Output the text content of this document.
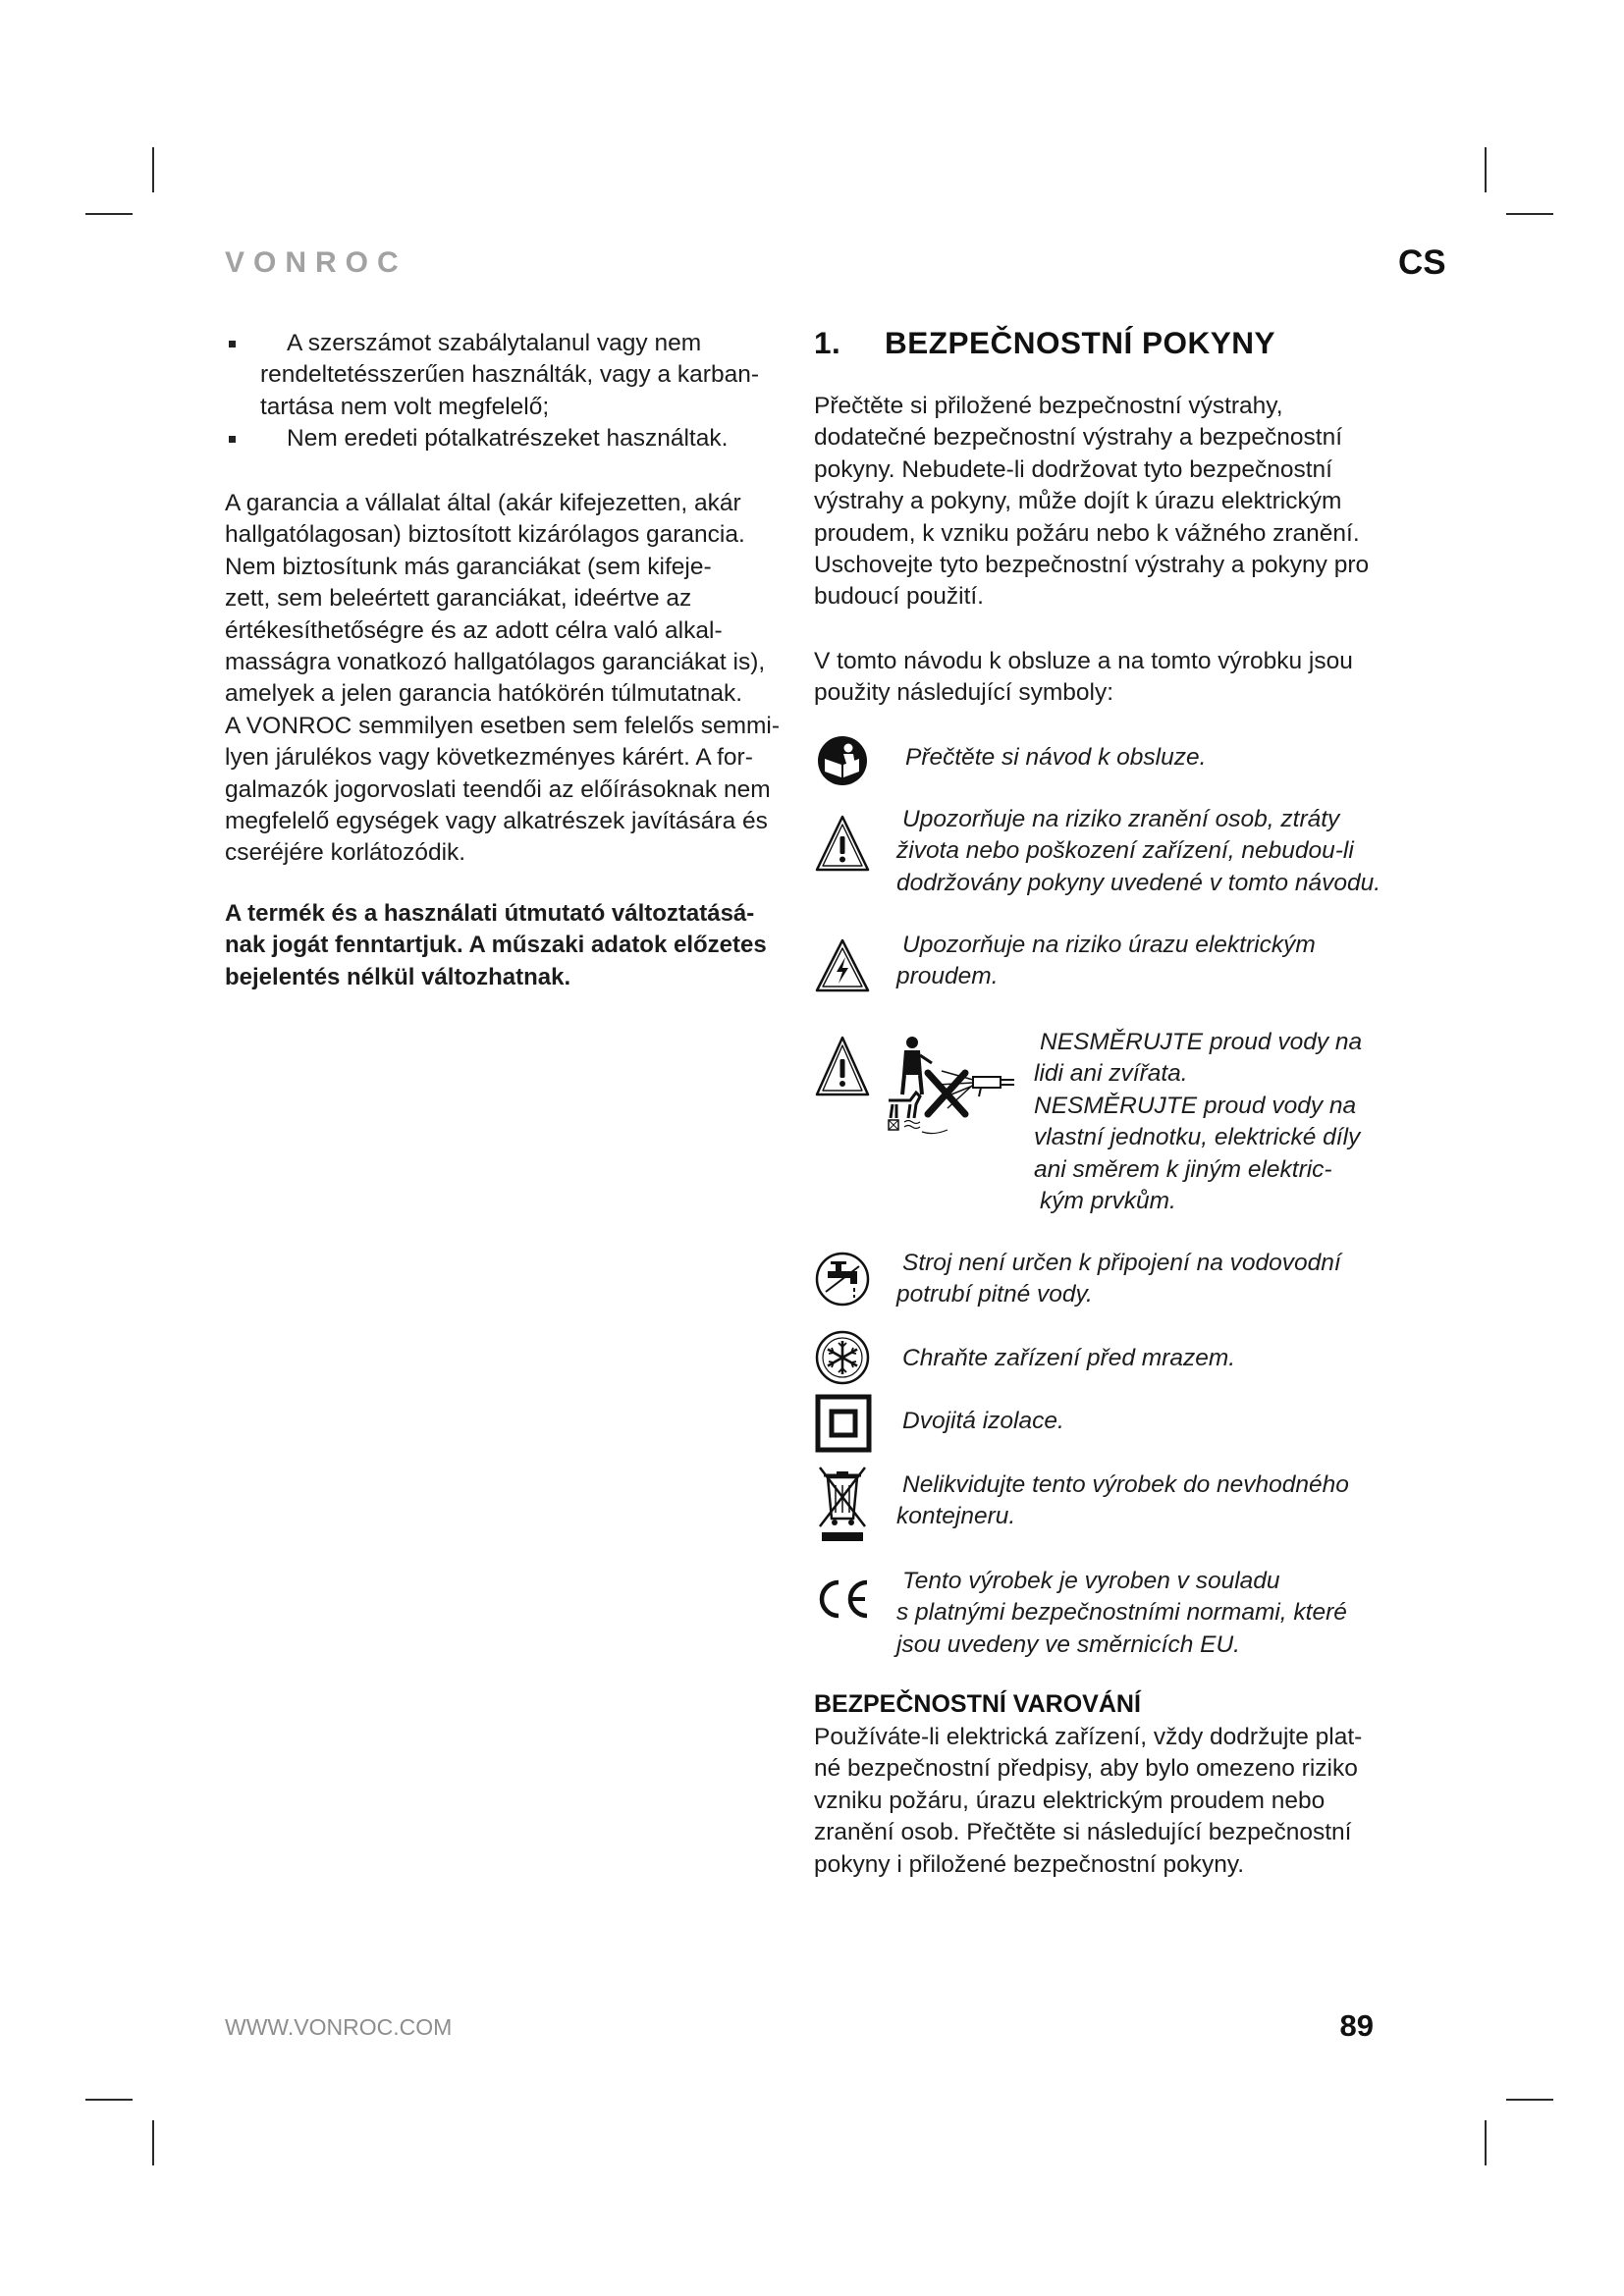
VONROC	CS
A szerszámot szabálytalanul vagy nem
rendeltetésszerűen használták, vagy a karban-
tartása nem volt megfelelő;
Nem eredeti pótalkatrészeket használtak.
A garancia a vállalat által (akár kifejezetten, akár
hallgatólagosan) biztosított kizárólagos garancia.
Nem biztosítunk más garanciákat (sem kifeje-
zett, sem beleértett garanciákat, ideértve az
értékesíthetőségre és az adott célra való alkal-
masságra vonatkozó hallgatólagos garanciákat is),
amelyek a jelen garancia hatókörén túlmutatnak.
A VONROC semmilyen esetben sem felelős semmi-
lyen járulékos vagy következményes kárért. A for-
galmazók jogorvoslati teendői az előírásoknak nem
megfelelő egységek vagy alkatrészek javítására és
cseréjére korlátozódik.
A termék és a használati útmutató változtatásá-
nak jogát fenntartjuk. A műszaki adatok előzetes
bejelentés nélkül változhatnak.
1. BEZPEČNOSTNÍ POKYNY
Přečtěte si přiložené bezpečnostní výstrahy,
dodatečné bezpečnostní výstrahy a bezpečnostní
pokyny. Nebudete-li dodržovat tyto bezpečnostní
výstrahy a pokyny, může dojít k úrazu elektrickým
proudem, k vzniku požáru nebo k vážného zranění.
Uschovejte tyto bezpečnostní výstrahy a pokyny pro
budoucí použití.
V tomto návodu k obsluze a na tomto výrobku jsou
použity následující symboly:
Přečtěte si návod k obsluze.
Upozorňuje na riziko zranění osob, ztráty
života nebo poškození zařízení, nebudou-li
dodržovány pokyny uvedené v tomto návodu.
Upozorňuje na riziko úrazu elektrickým
proudem.
NESMĚRUJTE proud vody na
lidi ani zvířata.
NESMĚRUJTE proud vody na
vlastní jednotku, elektrické díly
ani směrem k jiným elektric-
kým prvkům.
Stroj není určen k připojení na vodovodní
potrubí pitné vody.
Chraňte zařízení před mrazem.
Dvojitá izolace.
Nelikvidujte tento výrobek do nevhodného
kontejneru.
Tento výrobek je vyroben v souladu
s platnými bezpečnostními normami, které
jsou uvedeny ve směrnicích EU.
BEZPEČNOSTNÍ VAROVÁNÍ
Používáte-li elektrická zařízení, vždy dodržujte plat-
né bezpečnostní předpisy, aby bylo omezeno riziko
vzniku požáru, úrazu elektrickým proudem nebo
zranění osob. Přečtěte si následující bezpečnostní
pokyny i přiložené bezpečnostní pokyny.
WWW.VONROC.COM	89
